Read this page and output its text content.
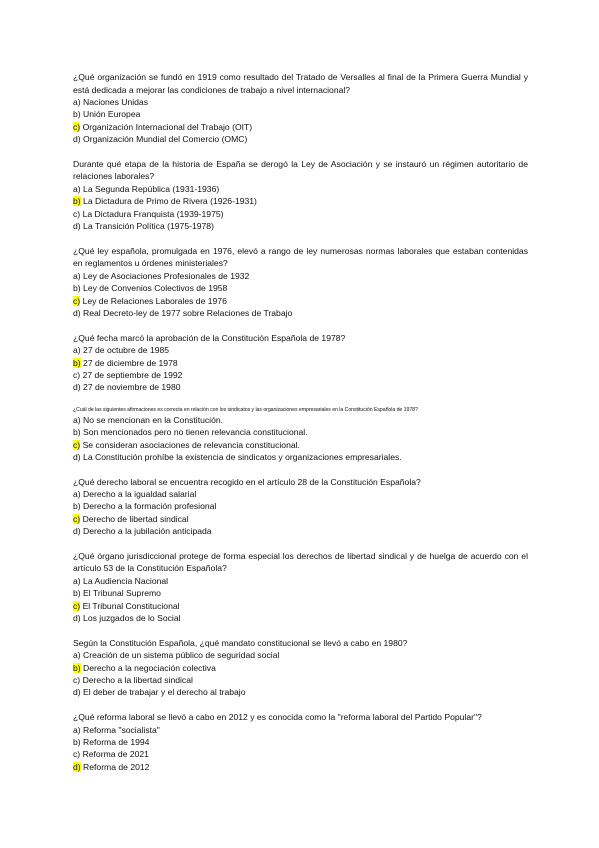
¿Qué organización se fundó en 1919 como resultado del Tratado de Versalles al final de la Primera Guerra Mundial y está dedicada a mejorar las condiciones de trabajo a nivel internacional?

a) Naciones Unidas
b) Unión Europea
c) Organización Internacional del Trabajo (OIT)
d) Organización Mundial del Comercio (OMC)

Durante qué etapa de la historia de España se derogó la Ley de Asociación y se instauró un régimen autoritario de relaciones laborales?

a) La Segunda República (1931-1936)
b) La Dictadura de Primo de Rivera (1926-1931)
c) La Dictadura Franquista (1939-1975)
d) La Transición Política (1975-1978)

¿Qué ley española, promulgada en 1976, elevó a rango de ley numerosas normas laborales que estaban contenidas en reglamentos u órdenes ministeriales?

a) Ley de Asociaciones Profesionales de 1932
b) Ley de Convenios Colectivos de 1958
c) Ley de Relaciones Laborales de 1976
d) Real Decreto-ley de 1977 sobre Relaciones de Trabajo

¿Qué fecha marcó la aprobación de la Constitución Española de 1978?

a) 27 de octubre de 1985
b) 27 de diciembre de 1978
c) 27 de septiembre de 1992
d) 27 de noviembre de 1980

¿Cuál de las siguientes afirmaciones es correcta en relación con los sindicatos y las organizaciones empresariales en la Constitución Española de 1978?

a) No se mencionan en la Constitución.
b) Son mencionados pero no tienen relevancia constitucional.
c) Se consideran asociaciones de relevancia constitucional.
d) La Constitución prohíbe la existencia de sindicatos y organizaciones empresariales.

¿Qué derecho laboral se encuentra recogido en el artículo 28 de la Constitución Española?

a) Derecho a la igualdad salarial
b) Derecho a la formación profesional
c) Derecho de libertad sindical
d) Derecho a la jubilación anticipada

¿Qué órgano jurisdiccional protege de forma especial los derechos de libertad sindical y de huelga de acuerdo con el artículo 53 de la Constitución Española?

a) La Audiencia Nacional
b) El Tribunal Supremo
c) El Tribunal Constitucional
d) Los juzgados de lo Social

Según la Constitución Española, ¿qué mandato constitucional se llevó a cabo en 1980?

a) Creación de un sistema público de seguridad social
b) Derecho a la negociación colectiva
c) Derecho a la libertad sindical
d) El deber de trabajar y el derecho al trabajo

¿Qué reforma laboral se llevó a cabo en 2012 y es conocida como la "reforma laboral del Partido Popular"?

a) Reforma "socialista"
b) Reforma de 1994
c) Reforma de 2021
d) Reforma de 2012
